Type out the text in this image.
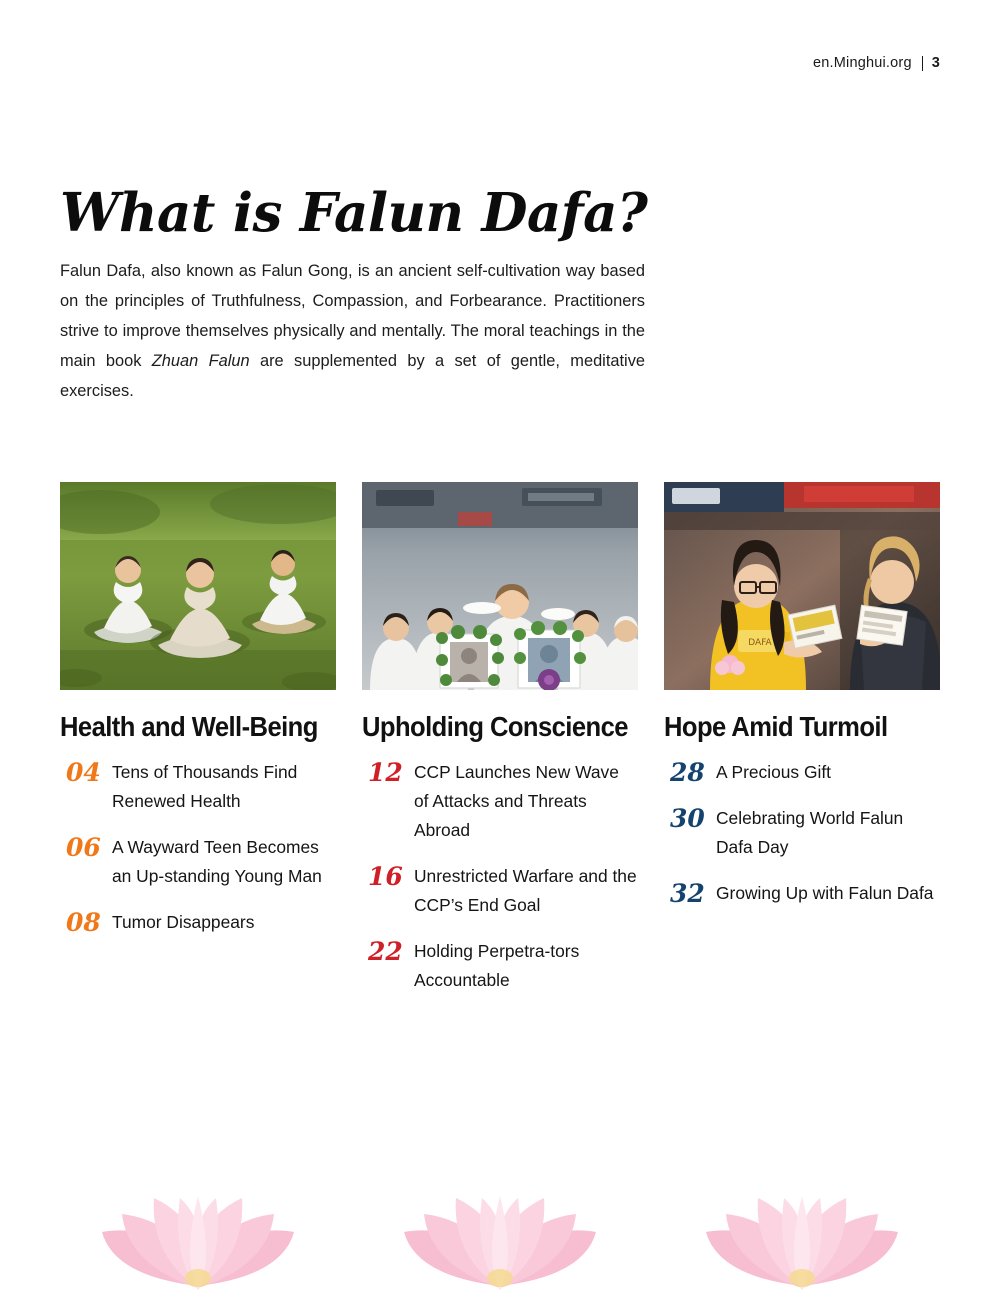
en.Minghui.org 3
What is Falun Dafa?

Falun Dafa, also known as Falun Gong, is an ancient self-cultivation way based on the principles of Truthfulness, Compassion, and Forbearance. Practitioners strive to improve themselves physically and mentally. The moral teachings in the main book Zhuan Falun are supplemented by a set of gentle, meditative exercises.

Health and Well-Being
04 Tens of Thousands Find Renewed Health
06 A Wayward Teen Becomes an Up-standing Young Man
08 Tumor Disappears
Upholding Conscience
12 CCP Launches New Wave of Attacks and Threats Abroad
16 Unrestricted Warfare and the CCP’s End Goal
22 Holding Perpetra-tors Accountable
DAFA
Hope Amid Turmoil
28 A Precious Gift
30 Celebrating World Falun Dafa Day
32 Growing Up with Falun Dafa
